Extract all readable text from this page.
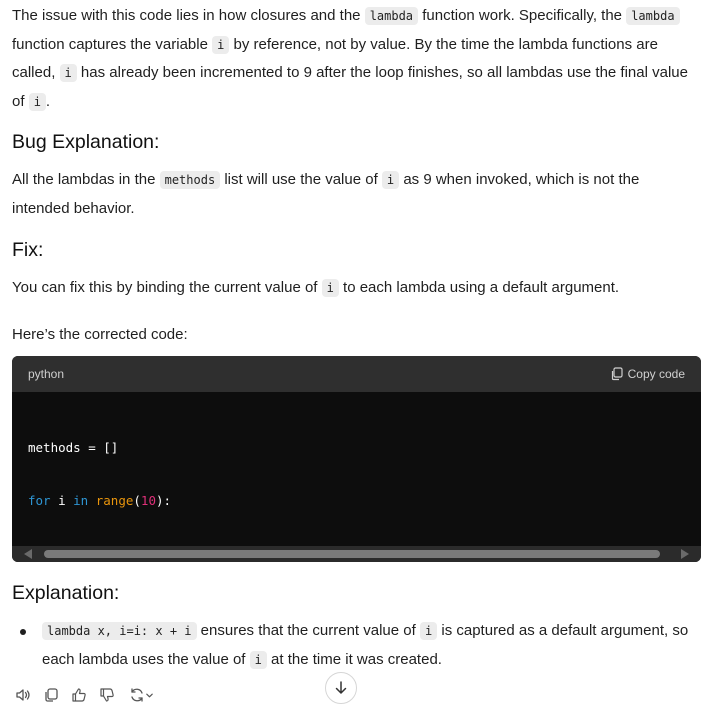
The issue with this code lies in how closures and the lambda function work. Specifically, the lambda function captures the variable i by reference, not by value. By the time the lambda functions are called, i has already been incremented to 9 after the loop finishes, so all lambdas use the final value of i .

Bug Explanation:

All the lambdas in the methods list will use the value of i as 9 when invoked, which is not the intended behavior.

Fix:

You can fix this by binding the current value of i to each lambda using a default argument.

Here’s the corrected code:

python	Copy code

methods = []

for i in range(10):

Explanation:

lambda x, i=i: x + i ensures that the current value of i is captured as a default argument, so each lambda uses the value of i at the time it was created.
